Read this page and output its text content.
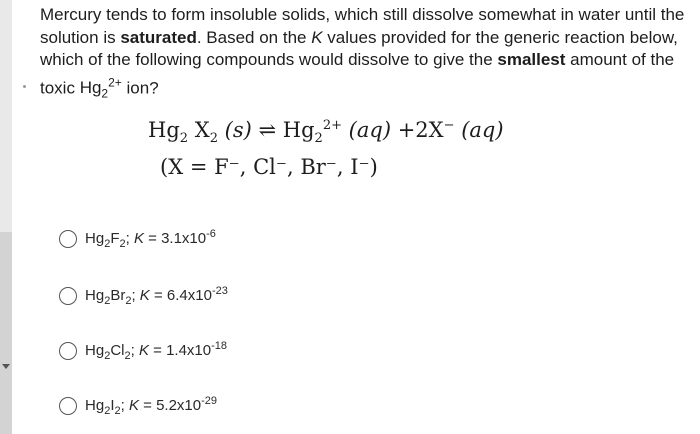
Mercury tends to form insoluble solids, which still dissolve somewhat in water until the solution is saturated. Based on the K values provided for the generic reaction below, which of the following compounds would dissolve to give the smallest amount of the toxic $Hg_2^{2+}$ ion?
$Hg_2$ $X_2$ (s) ⇌ $Hg_2^{2+}$ (aq) +2X− (aq)
(X = F⁻, Cl⁻, Br⁻, I⁻)
$Hg_2F_2$; $K = 3.1x10^{-6}$
$Hg_2Br_2$; $K = 6.4x10^{-23}$
$Hg_2Cl_2$; $K = 1.4x10^{-18}$
$Hg_2I_2$; $K = 5.2x10^{-29}$
